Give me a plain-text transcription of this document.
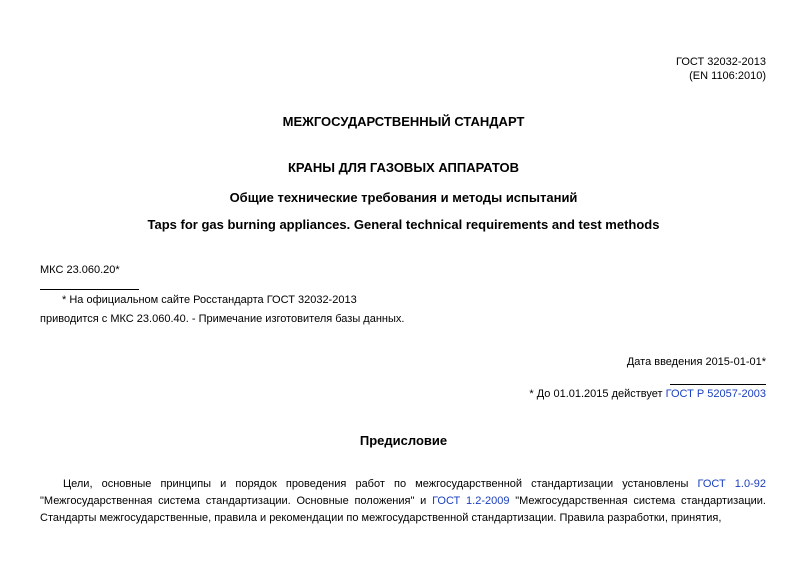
ГОСТ 32032-2013
(EN 1106:2010)
МЕЖГОСУДАРСТВЕННЫЙ СТАНДАРТ
КРАНЫ ДЛЯ ГАЗОВЫХ АППАРАТОВ
Общие технические требования и методы испытаний
Taps for gas burning appliances. General technical requirements and test methods
МКС 23.060.20*
* На официальном сайте Росстандарта ГОСТ 32032-2013
приводится с МКС 23.060.40. - Примечание изготовителя базы данных.
Дата введения 2015-01-01*
* До 01.01.2015 действует ГОСТ Р 52057-2003
Предисловие
Цели, основные принципы и порядок проведения работ по межгосударственной стандартизации установлены ГОСТ 1.0-92 "Межгосударственная система стандартизации. Основные положения" и ГОСТ 1.2-2009 "Межгосударственная система стандартизации. Стандарты межгосударственные, правила и рекомендации по межгосударственной стандартизации. Правила разработки, принятия,
